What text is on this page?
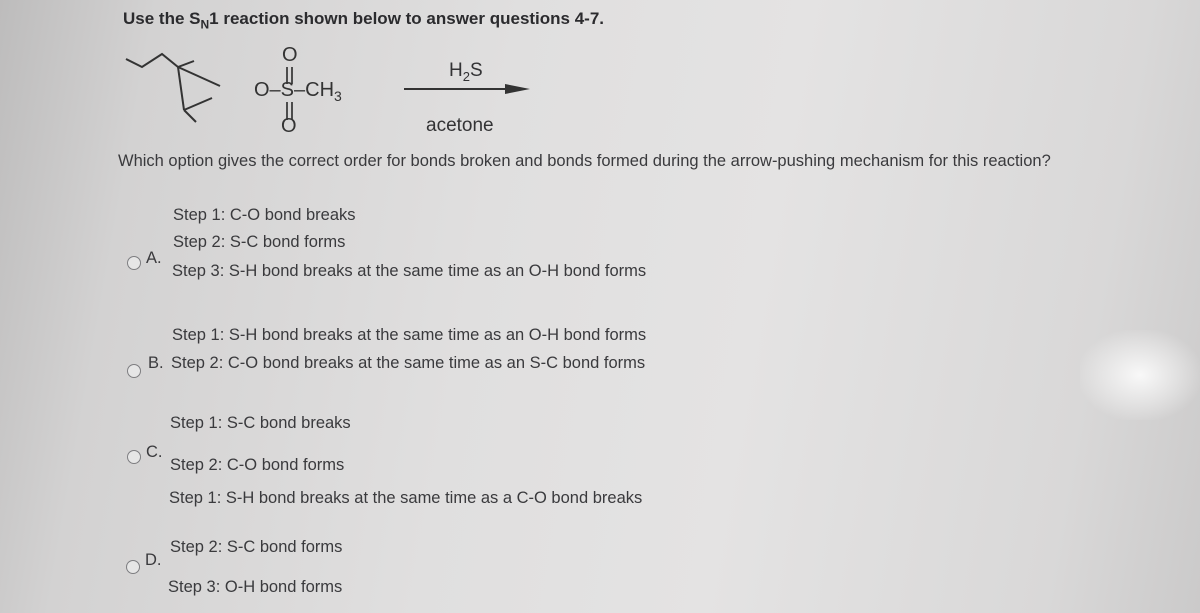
Use the $S_N1$ reaction shown below to answer questions 4-7.
O
O
$O-S-CH_3$
$H_2S$
acetone
Which option gives the correct order for bonds broken and bonds formed during the arrow-pushing mechanism for this reaction?
A.
Step 1: C-O bond breaks
Step 2: S-C bond forms
Step 3: S-H bond breaks at the same time as an O-H bond forms
B.
Step 1: S-H bond breaks at the same time as an O-H bond forms
Step 2: C-O bond breaks at the same time as an S-C bond forms
C.
Step 1: S-C bond breaks
Step 2: C-O bond forms
D.
Step 1: S-H bond breaks at the same time as a C-O bond breaks
Step 2: S-C bond forms
Step 3: O-H bond forms
